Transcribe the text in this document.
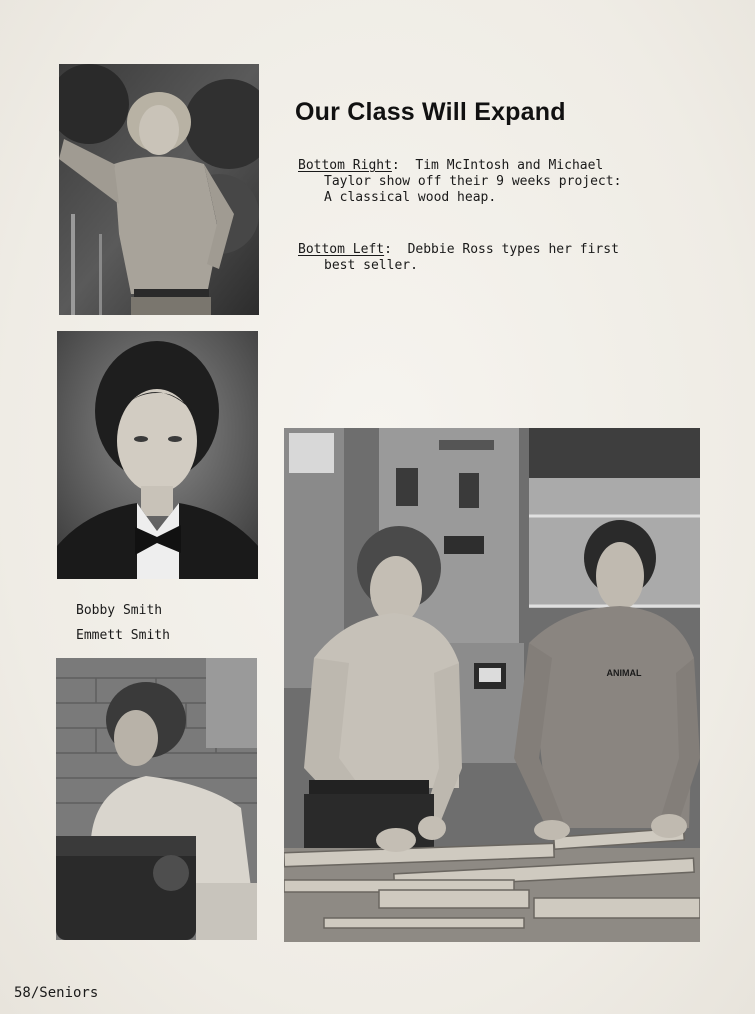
ANIMAL
Our Class Will Expand
Bottom Right:  Tim McIntosh and Michael
Taylor show off their 9 weeks project:
A classical wood heap.
Bottom Left:  Debbie Ross types her first
best seller.
Bobby Smith
Emmett Smith
58/Seniors
